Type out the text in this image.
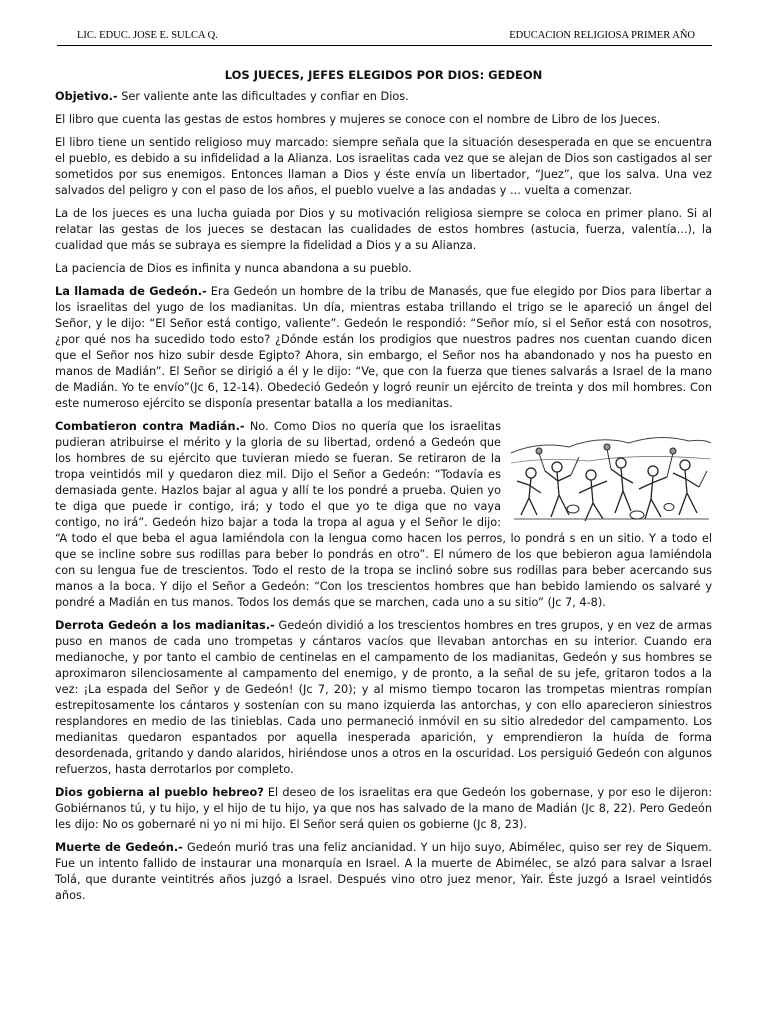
LIC. EDUC. JOSE E. SULCA Q.	EDUCACION RELIGIOSA PRIMER AÑO
LOS JUECES, JEFES ELEGIDOS POR DIOS: GEDEON

Objetivo.- Ser valiente ante las dificultades y confiar en Dios.

El libro que cuenta las gestas de estos hombres y mujeres se conoce con el nombre de Libro de los Jueces.

El libro tiene un sentido religioso muy marcado: siempre señala que la situación desesperada en que se encuentra el pueblo, es debido a su infidelidad a la Alianza. Los israelitas cada vez que se alejan de Dios son castigados al ser sometidos por sus enemigos. Entonces llaman a Dios y éste envía un libertador, “Juez”, que los salva. Una vez salvados del peligro y con el paso de los años, el pueblo vuelve a las andadas y ... vuelta a comenzar.

La de los jueces es una lucha guiada por Dios y su motivación religiosa siempre se coloca en primer plano. Si al relatar las gestas de los jueces se destacan las cualidades de estos hombres (astucia, fuerza, valentía...), la cualidad que más se subraya es siempre la fidelidad a Dios y a su Alianza.

La paciencia de Dios es infinita y nunca abandona a su pueblo.

La llamada de Gedeón.- Era Gedeón un hombre de la tribu de Manasés, que fue elegido por Dios para libertar a los israelitas del yugo de los madianitas. Un día, mientras estaba trillando el trigo se le apareció un ángel del Señor, y le dijo: “El Señor está contigo, valiente”. Gedeón le respondió: “Señor mío, si el Señor está con nosotros, ¿por qué nos ha sucedido todo esto? ¿Dónde están los prodigios que nuestros padres nos cuentan cuando dicen que el Señor nos hizo subir desde Egipto? Ahora, sin embargo, el Señor nos ha abandonado y nos ha puesto en manos de Madián”. El Señor se dirigió a él y le dijo: “Ve, que con la fuerza que tienes salvarás a Israel de la mano de Madián. Yo te envío”(Jc 6, 12-14). Obedeció Gedeón y logró reunir un ejército de treinta y dos mil hombres. Con este numeroso ejército se disponía presentar batalla a los medianitas.

Combatieron contra Madián.- No. Como Dios no quería que los israelitas pudieran atribuirse el mérito y la gloria de su libertad, ordenó a Gedeón que los hombres de su ejército que tuvieran miedo se fueran. Se retiraron de la tropa veintidós mil y quedaron diez mil. Dijo el Señor a Gedeón: “Todavía es demasiada gente. Hazlos bajar al agua y allí te los pondré a prueba. Quien yo te diga que puede ir contigo, irá; y todo el que yo te diga que no vaya contigo, no irá”. Gedeón hizo bajar a toda la tropa al agua y el Señor le dijo: “A todo el que beba el agua lamiéndola con la lengua como hacen los perros, lo pondrá s en un sitio. Y a todo el que se incline sobre sus rodillas para beber lo pondrás en otro”. El número de los que bebieron agua lamiéndola con su lengua fue de trescientos. Todo el resto de la tropa se inclinó sobre sus rodillas para beber acercando sus manos a la boca. Y dijo el Señor a Gedeón: “Con los trescientos hombres que han bebido lamiendo os salvaré y pondré a Madián en tus manos. Todos los demás que se marchen, cada uno a su sitio” (Jc 7, 4-8).

Derrota Gedeón a los madianitas.- Gedeón dividió a los trescientos hombres en tres grupos, y en vez de armas puso en manos de cada uno trompetas y cántaros vacíos que llevaban antorchas en su interior. Cuando era medianoche, y por tanto el cambio de centinelas en el campamento de los madianitas, Gedeón y sus hombres se aproximaron silenciosamente al campamento del enemigo, y de pronto, a la señal de su jefe, gritaron todos a la vez: ¡La espada del Señor y de Gedeón! (Jc 7, 20); y al mismo tiempo tocaron las trompetas mientras rompían estrepitosamente los cántaros y sostenían con su mano izquierda las antorchas, y con ello aparecieron siniestros resplandores en medio de las tinieblas. Cada uno permaneció inmóvil en su sitio alrededor del campamento. Los medianitas quedaron espantados por aquella inesperada aparición, y emprendieron la huída de forma desordenada, gritando y dando alaridos, hiriéndose unos a otros en la oscuridad. Los persiguió Gedeón con algunos refuerzos, hasta derrotarlos por completo.

Dios gobierna al pueblo hebreo? El deseo de los israelitas era que Gedeón los gobernase, y por eso le dijeron: Gobiérnanos tú, y tu hijo, y el hijo de tu hijo, ya que nos has salvado de la mano de Madián (Jc 8, 22). Pero Gedeón les dijo: No os gobernaré ni yo ni mi hijo. El Señor será quien os gobierne (Jc 8, 23).

Muerte de Gedeón.- Gedeón murió tras una feliz ancianidad. Y un hijo suyo, Abimélec, quiso ser rey de Siquem. Fue un intento fallido de instaurar una monarquía en Israel. A la muerte de Abimélec, se alzó para salvar a Israel Tolá, que durante veintitrés años juzgó a Israel. Después vino otro juez menor, Yair. Éste juzgó a Israel veintidós años.
